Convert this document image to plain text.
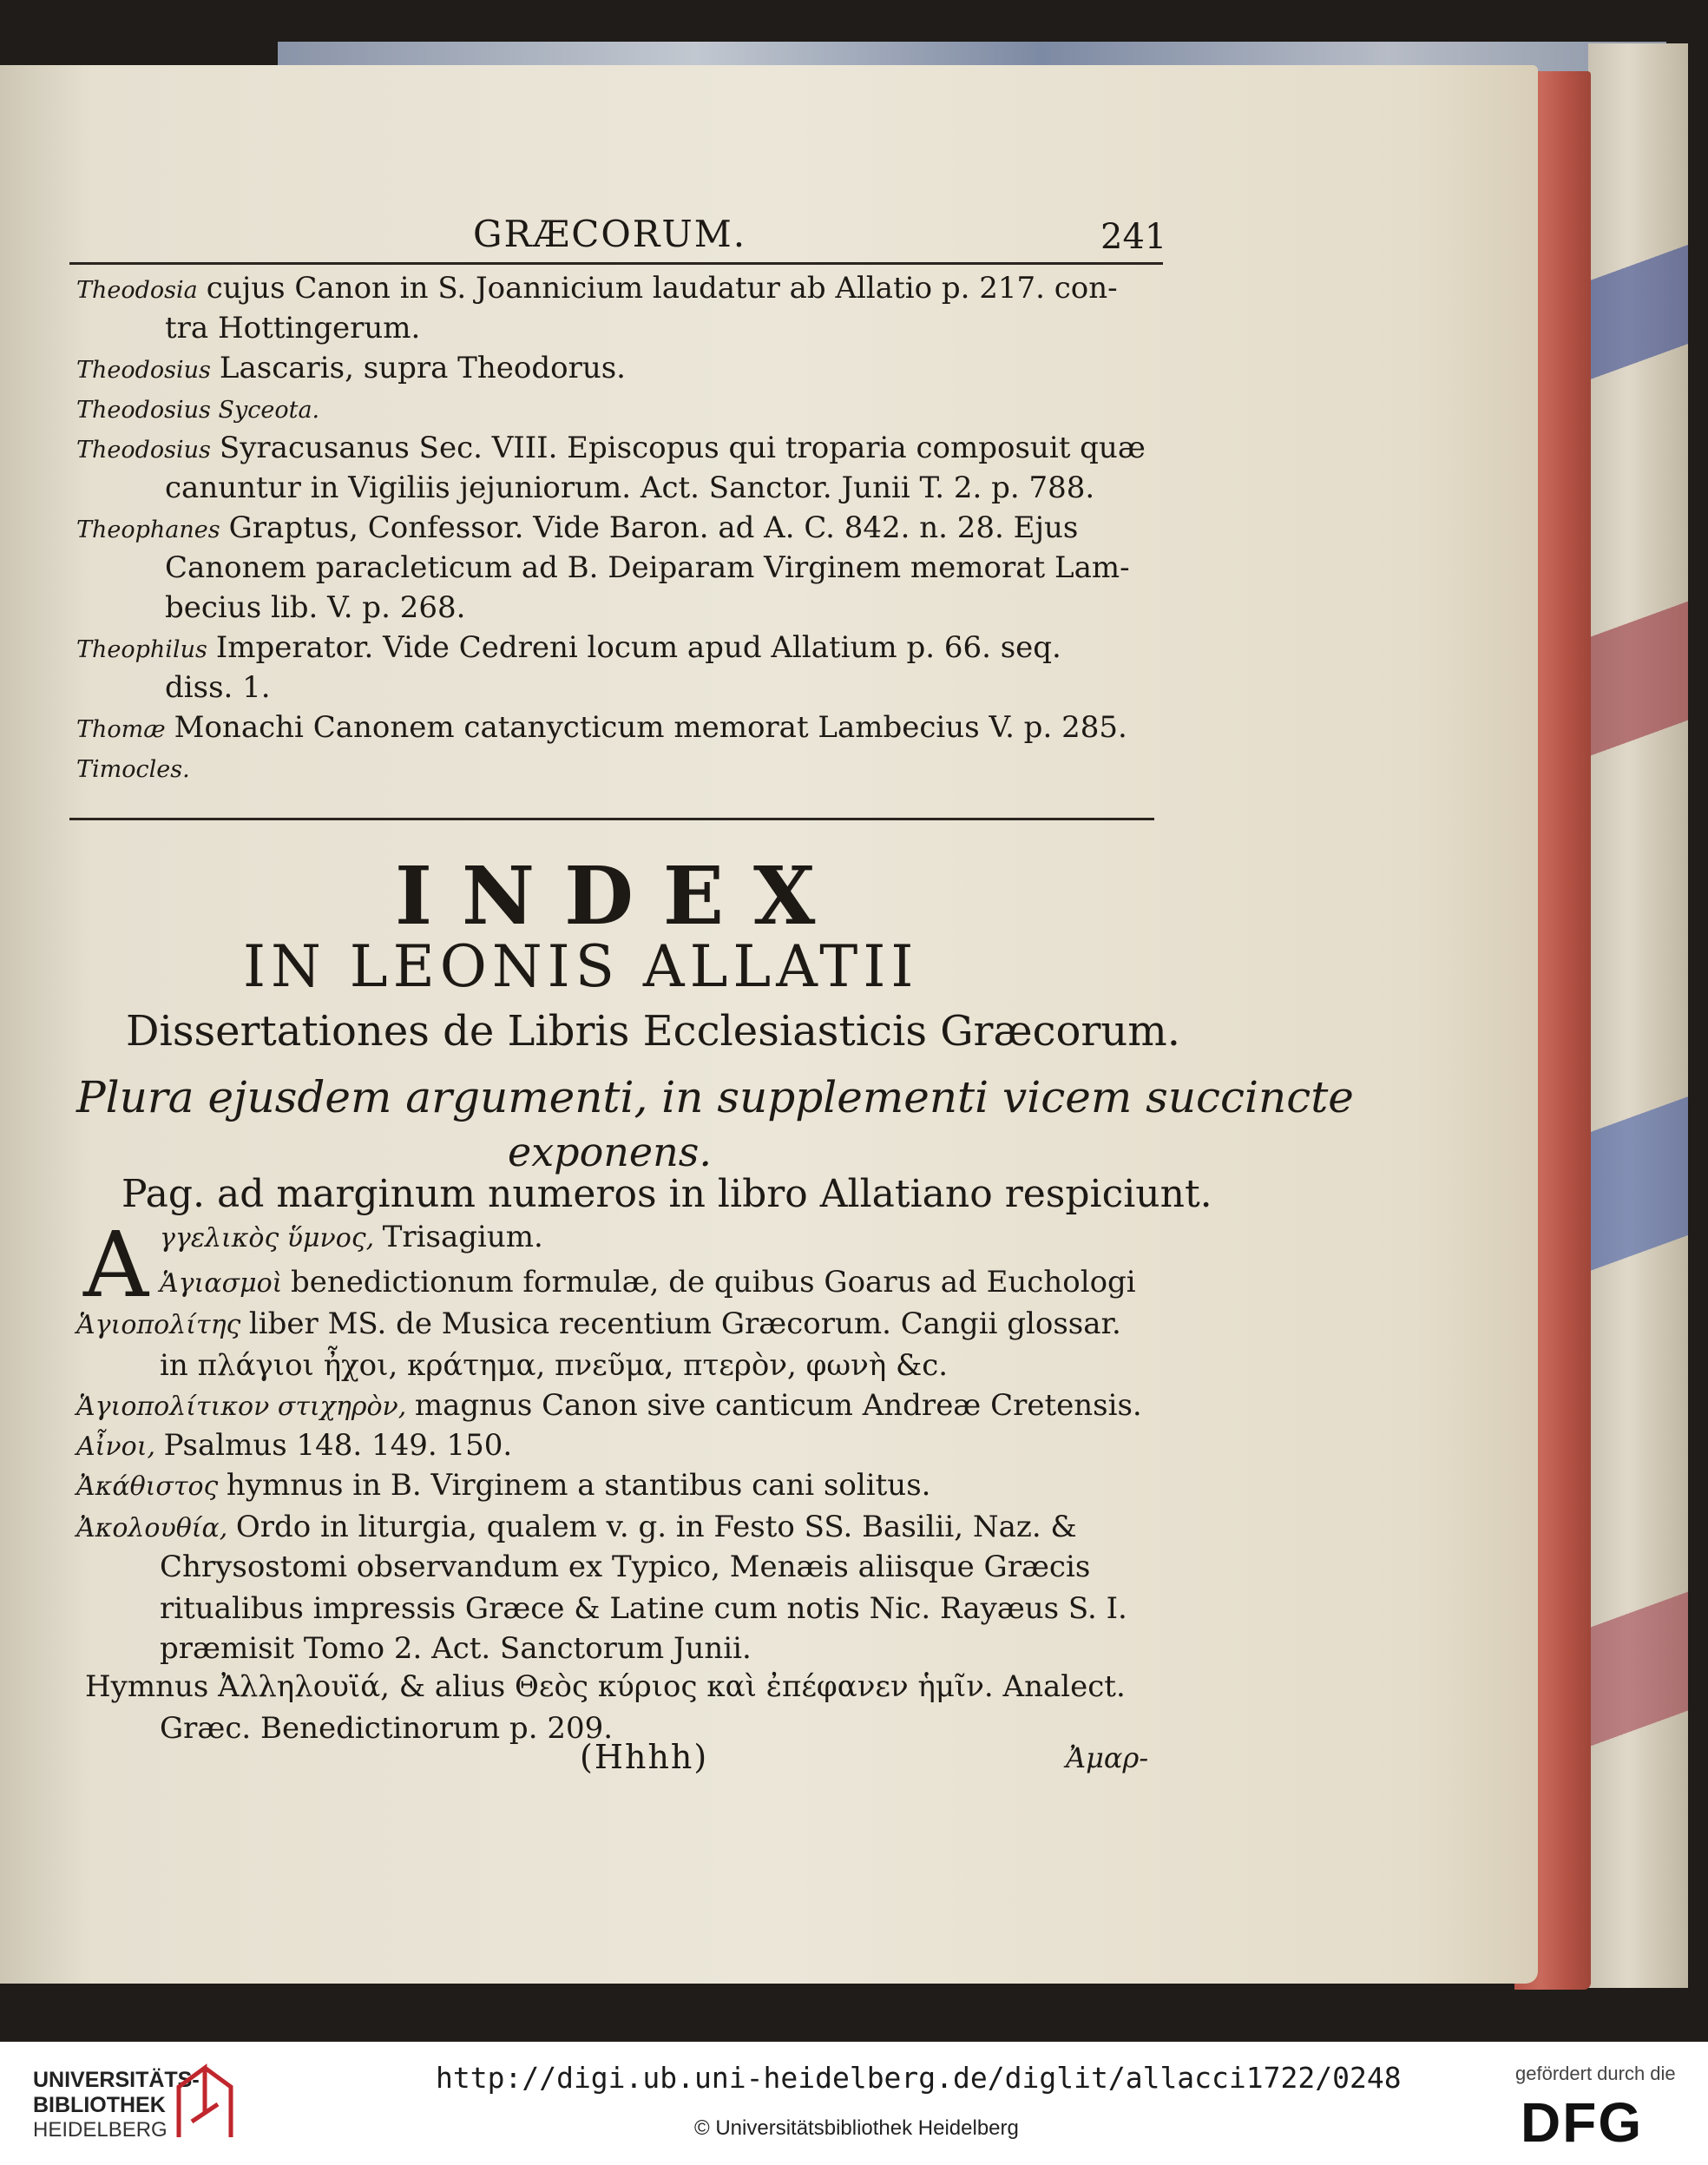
GRÆCORUM.	241
Theodosia cujus Canon in S. Joannicium laudatur ab Allatio p. 217. con-
tra Hottingerum.
Theodosius Lascaris, supra Theodorus.
Theodosius Syceota.
Theodosius Syracusanus Sec. VIII. Episcopus qui troparia composuit quæ
canuntur in Vigiliis jejuniorum. Act. Sanctor. Junii T. 2. p. 788.
Theophanes Graptus, Confessor. Vide Baron. ad A. C. 842. n. 28. Ejus
Canonem paracleticum ad B. Deiparam Virginem memorat Lam-
becius lib. V. p. 268.
Theophilus Imperator. Vide Cedreni locum apud Allatium p. 66. seq.
diss. 1.
Thomæ Monachi Canonem catanycticum memorat Lambecius V. p. 285.
Timocles.
INDEX
IN LEONIS ALLATII
Dissertationes de Libris Ecclesiasticis Græcorum.
Plura ejusdem argumenti, in supplementi vicem succincte
exponens.
Pag. ad marginum numeros in libro Allatiano respiciunt.
A γγελικὸς ὕμνος, Trisagium.
Ἁγιασμοὶ benedictionum formulæ, de quibus Goarus ad Euchologi
Ἁγιοπολίτης liber MS. de Musica recentium Græcorum. Cangii glossar.
in πλάγιοι ἦχοι, κράτημα, πνεῦμα, πτερὸν, φωνὴ &c.
Ἁγιοπολίτικον στιχηρὸν, magnus Canon sive canticum Andreæ Cretensis.
Αἶνοι, Psalmus 148. 149. 150.
Ἀκάθιστος hymnus in B. Virginem a stantibus cani solitus.
Ἀκολουθία, Ordo in liturgia, qualem v. g. in Festo SS. Basilii, Naz. &
Chrysostomi observandum ex Typico, Menæis aliisque Græcis
ritualibus impressis Græce & Latine cum notis Nic. Rayæus S. I.
præmisit Tomo 2. Act. Sanctorum Junii.
Hymnus Ἀλληλουϊά, & alius Θεὸς κύριος καὶ ἐπέφανεν ἡμῖν. Analect.
Græc. Benedictinorum p. 209.
(Hhhh)	Ἀμαρ-
UNIVERSITÄTS-
BIBLIOTHEK
HEIDELBERG
http://digi.ub.uni-heidelberg.de/diglit/allacci1722/0248
© Universitätsbibliothek Heidelberg
gefördert durch die
DFG
